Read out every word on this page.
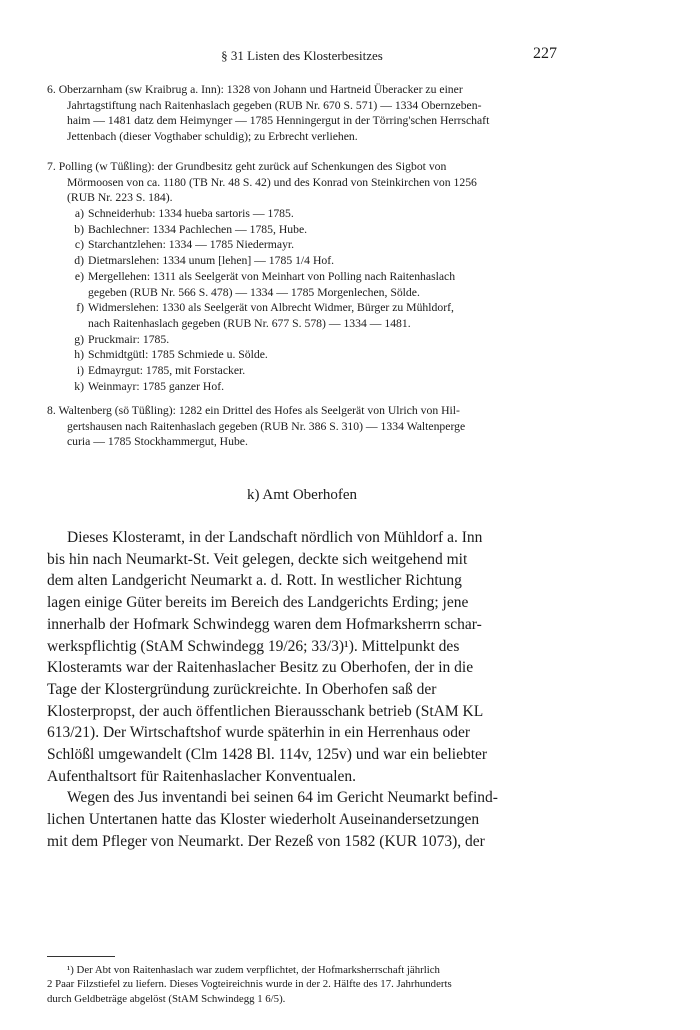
§ 31 Listen des Klosterbesitzes	227
6. Oberzarnham (sw Kraibrug a. Inn): 1328 von Johann und Hartneid Überacker zu einer
Jahrtagstiftung nach Raitenhaslach gegeben (RUB Nr. 670 S. 571) — 1334 Obernzeben-
haim — 1481 datz dem Heimynger — 1785 Henningergut in der Törring'schen Herrschaft
Jettenbach (dieser Vogthaber schuldig); zu Erbrecht verliehen.
7. Polling (w Tüßling): der Grundbesitz geht zurück auf Schenkungen des Sigbot von
Mörmoosen von ca. 1180 (TB Nr. 48 S. 42) und des Konrad von Steinkirchen von 1256
(RUB Nr. 223 S. 184).
a) Schneiderhub: 1334 hueba sartoris — 1785.
b) Bachlechner: 1334 Pachlechen — 1785, Hube.
c) Starchantzlehen: 1334 — 1785 Niedermayr.
d) Dietmarslehen: 1334 unum [lehen] — 1785 1/4 Hof.
e) Mergellehen: 1311 als Seelgerät von Meinhart von Polling nach Raitenhaslach
gegeben (RUB Nr. 566 S. 478) — 1334 — 1785 Morgenlechen, Sölde.
f) Widmerslehen: 1330 als Seelgerät von Albrecht Widmer, Bürger zu Mühldorf,
nach Raitenhaslach gegeben (RUB Nr. 677 S. 578) — 1334 — 1481.
g) Pruckmair: 1785.
h) Schmidtgütl: 1785 Schmiede u. Sölde.
i) Edmayrgut: 1785, mit Forstacker.
k) Weinmayr: 1785 ganzer Hof.
8. Waltenberg (sö Tüßling): 1282 ein Drittel des Hofes als Seelgerät von Ulrich von Hil-
gertshausen nach Raitenhaslach gegeben (RUB Nr. 386 S. 310) — 1334 Waltenperge
curia — 1785 Stockhammergut, Hube.
k) Amt Oberhofen
Dieses Klosteramt, in der Landschaft nördlich von Mühldorf a. Inn
bis hin nach Neumarkt-St. Veit gelegen, deckte sich weitgehend mit
dem alten Landgericht Neumarkt a. d. Rott. In westlicher Richtung
lagen einige Güter bereits im Bereich des Landgerichts Erding; jene
innerhalb der Hofmark Schwindegg waren dem Hofmarksherrn schar-
werkspflichtig (StAM Schwindegg 19/26; 33/3)¹). Mittelpunkt des
Klosteramts war der Raitenhaslacher Besitz zu Oberhofen, der in die
Tage der Klostergründung zurückreichte. In Oberhofen saß der
Klosterpropst, der auch öffentlichen Bierausschank betrieb (StAM KL
613/21). Der Wirtschaftshof wurde späterhin in ein Herrenhaus oder
Schlößl umgewandelt (Clm 1428 Bl. 114v, 125v) und war ein beliebter
Aufenthaltsort für Raitenhaslacher Konventualen.
Wegen des Jus inventandi bei seinen 64 im Gericht Neumarkt befind-
lichen Untertanen hatte das Kloster wiederholt Auseinandersetzungen
mit dem Pfleger von Neumarkt. Der Rezeß von 1582 (KUR 1073), der
¹) Der Abt von Raitenhaslach war zudem verpflichtet, der Hofmarksherrschaft jährlich
2 Paar Filzstiefel zu liefern. Dieses Vogteireichnis wurde in der 2. Hälfte des 17. Jahrhunderts
durch Geldbeträge abgelöst (StAM Schwindegg 1 6/5).
